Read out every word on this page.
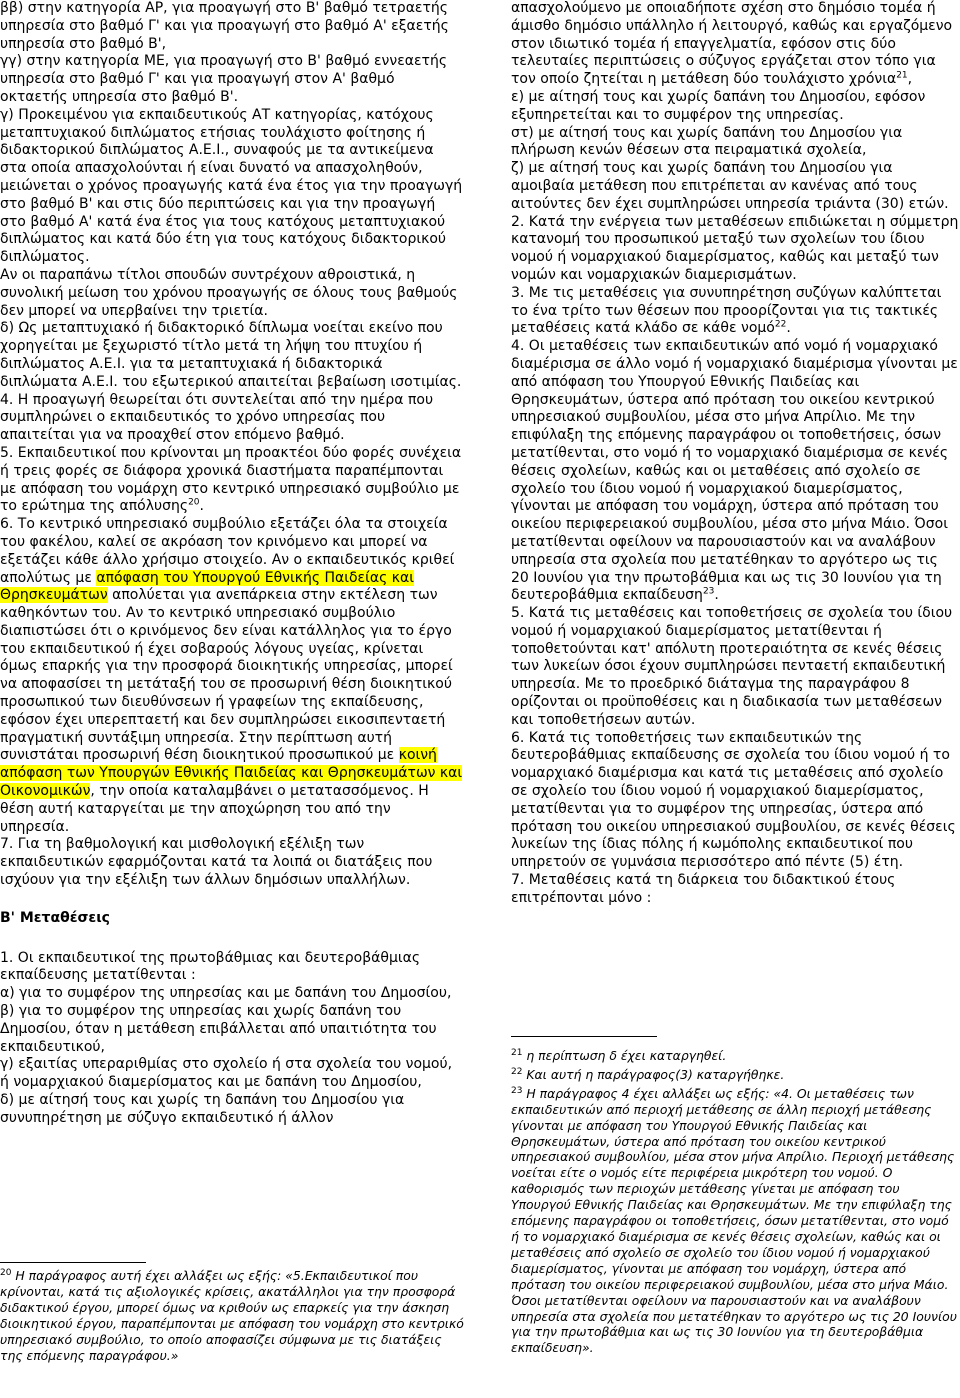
ββ) στην κατηγορία ΑΡ, για προαγωγή στο Β' βαθμό τετραετής υπηρεσία στο βαθμό Γ' και για προαγωγή στο βαθμό Α' εξαετής υπηρεσία στο βαθμό Β',

γγ) στην κατηγορία ΜΕ, για προαγωγή στο Β' βαθμό εννεαετής υπηρεσία στο βαθμό Γ' και για προαγωγή στον Α' βαθμό οκταετής υπηρεσία στο βαθμό Β'.

γ) Προκειμένου για εκπαιδευτικούς ΑΤ κατηγορίας, κατόχους μεταπτυχιακού διπλώματος ετήσιας τουλάχιστο φοίτησης ή διδακτορικού διπλώματος Α.Ε.Ι., συναφούς με τα αντικείμενα στα οποία απασχολούνται ή είναι δυνατό να απασχοληθούν, μειώνεται ο χρόνος προαγωγής κατά ένα έτος για την προαγωγή στο βαθμό Β' και στις δύο περιπτώσεις και για την προαγωγή στο βαθμό Α' κατά ένα έτος για τους κατόχους μεταπτυχιακού διπλώματος και κατά δύο έτη για τους κατόχους διδακτορικού διπλώματος.

Αν οι παραπάνω τίτλοι σπουδών συντρέχουν αθροιστικά, η συνολική μείωση του χρόνου προαγωγής σε όλους τους βαθμούς δεν μπορεί να υπερβαίνει την τριετία.

δ) Ως μεταπτυχιακό ή διδακτορικό δίπλωμα νοείται εκείνο που χορηγείται με ξεχωριστό τίτλο μετά τη λήψη του πτυχίου ή διπλώματος Α.Ε.Ι. για τα μεταπτυχιακά ή διδακτορικά διπλώματα Α.Ε.Ι. του εξωτερικού απαιτείται βεβαίωση ισοτιμίας.

4. Η προαγωγή θεωρείται ότι συντελείται από την ημέρα που συμπληρώνει ο εκπαιδευτικός το χρόνο υπηρεσίας που απαιτείται για να προαχθεί στον επόμενο βαθμό.

5. Εκπαιδευτικοί που κρίνονται μη προακτέοι δύο φορές συνέχεια ή τρεις φορές σε διάφορα χρονικά διαστήματα παραπέμπονται με απόφαση του νομάρχη στο κεντρικό υπηρεσιακό συμβούλιο με το ερώτημα της απόλυσης$^{20}$.

6. Το κεντρικό υπηρεσιακό συμβούλιο εξετάζει όλα τα στοιχεία του φακέλου, καλεί σε ακρόαση τον κρινόμενο και μπορεί να εξετάζει κάθε άλλο χρήσιμο στοιχείο. Αν ο εκπαιδευτικός κριθεί απολύτως με απόφαση του Υπουργού Εθνικής Παιδείας και Θρησκευμάτων απολύεται για ανεπάρκεια στην εκτέλεση των καθηκόντων του. Αν το κεντρικό υπηρεσιακό συμβούλιο διαπιστώσει ότι ο κρινόμενος δεν είναι κατάλληλος για το έργο του εκπαιδευτικού ή έχει σοβαρούς λόγους υγείας, κρίνεται όμως επαρκής για την προσφορά διοικητικής υπηρεσίας, μπορεί να αποφασίσει τη μετάταξή του σε προσωρινή θέση διοικητικού προσωπικού των διευθύνσεων ή γραφείων της εκπαίδευσης, εφόσον έχει υπερεπταετή και δεν συμπληρώσει εικοσιπενταετή πραγματική συντάξιμη υπηρεσία. Στην περίπτωση αυτή συνιστάται προσωρινή θέση διοικητικού προσωπικού με κοινή απόφαση των Υπουργών Εθνικής Παιδείας και Θρησκευμάτων και Οικονομικών, την οποία καταλαμβάνει ο μετατασσόμενος. Η θέση αυτή καταργείται με την αποχώρηση του από την υπηρεσία.

7. Για τη βαθμολογική και μισθολογική εξέλιξη των εκπαιδευτικών εφαρμόζονται κατά τα λοιπά οι διατάξεις που ισχύουν για την εξέλιξη των άλλων δημόσιων υπαλλήλων.

Β' Μεταθέσεις

1. Οι εκπαιδευτικοί της πρωτοβάθμιας και δευτεροβάθμιας εκπαίδευσης μετατίθενται :

α) για το συμφέρον της υπηρεσίας και με δαπάνη του Δημοσίου,

β) για το συμφέρον της υπηρεσίας και χωρίς δαπάνη του Δημοσίου, όταν η μετάθεση επιβάλλεται από υπαιτιότητα του εκπαιδευτικού,

γ) εξαιτίας υπεραριθμίας στο σχολείο ή στα σχολεία του νομού, ή νομαρχιακού διαμερίσματος και με δαπάνη του Δημοσίου,

δ) με αίτησή τους και χωρίς τη δαπάνη του Δημοσίου για συνυπηρέτηση με σύζυγο εκπαιδευτικό ή άλλον

$^{20}$ Η παράγραφος αυτή έχει αλλάξει ως εξής: «5.Εκπαιδευτικοί που κρίνονται, κατά τις αξιολογικές κρίσεις, ακατάλληλοι για την προσφορά διδακτικού έργου, μπορεί όμως να κριθούν ως επαρκείς για την άσκηση διοικητικού έργου, παραπέμπονται με απόφαση του νομάρχη στο κεντρικό υπηρεσιακό συμβούλιο, το οποίο αποφασίζει σύμφωνα με τις διατάξεις της επόμενης παραγράφου.»

απασχολούμενο με οποιαδήποτε σχέση στο δημόσιο τομέα ή άμισθο δημόσιο υπάλληλο ή λειτουργό, καθώς και εργαζόμενο στον ιδιωτικό τομέα ή επαγγελματία, εφόσον στις δύο τελευταίες περιπτώσεις ο σύζυγος εργάζεται στον τόπο για τον οποίο ζητείται η μετάθεση δύο τουλάχιστο χρόνια$^{21}$,

ε) με αίτησή τους και χωρίς δαπάνη του Δημοσίου, εφόσον εξυπηρετείται και το συμφέρον της υπηρεσίας.

στ) με αίτησή τους και χωρίς δαπάνη του Δημοσίου για πλήρωση κενών θέσεων στα πειραματικά σχολεία,

ζ) με αίτησή τους και χωρίς δαπάνη του Δημοσίου για αμοιβαία μετάθεση που επιτρέπεται αν κανένας από τους αιτούντες δεν έχει συμπληρώσει υπηρεσία τριάντα (30) ετών.

2. Κατά την ενέργεια των μεταθέσεων επιδιώκεται η σύμμετρη κατανομή του προσωπικού μεταξύ των σχολείων του ίδιου νομού ή νομαρχιακού διαμερίσματος, καθώς και μεταξύ των νομών και νομαρχιακών διαμερισμάτων.

3. Με τις μεταθέσεις για συνυπηρέτηση συζύγων καλύπτεται το ένα τρίτο των θέσεων που προορίζονται για τις τακτικές μεταθέσεις κατά κλάδο σε κάθε νομό$^{22}$.

4. Οι μεταθέσεις των εκπαιδευτικών από νομό ή νομαρχιακό διαμέρισμα σε άλλο νομό ή νομαρχιακό διαμέρισμα γίνονται με από απόφαση του Υπουργού Εθνικής Παιδείας και Θρησκευμάτων, ύστερα από πρόταση του οικείου κεντρικού υπηρεσιακού συμβουλίου, μέσα στο μήνα Απρίλιο. Με την επιφύλαξη της επόμενης παραγράφου οι τοποθετήσεις, όσων μετατίθενται, στο νομό ή το νομαρχιακό διαμέρισμα σε κενές θέσεις σχολείων, καθώς και οι μεταθέσεις από σχολείο σε σχολείο του ίδιου νομού ή νομαρχιακού διαμερίσματος, γίνονται με απόφαση του νομάρχη, ύστερα από πρόταση του οικείου περιφερειακού συμβουλίου, μέσα στο μήνα Μάιο. Όσοι μετατίθενται οφείλουν να παρουσιαστούν και να αναλάβουν υπηρεσία στα σχολεία που μετατέθηκαν το αργότερο ως τις 20 Ιουνίου για την πρωτοβάθμια και ως τις 30 Ιουνίου για τη δευτεροβάθμια εκπαίδευση$^{23}$.

5. Κατά τις μεταθέσεις και τοποθετήσεις σε σχολεία του ίδιου νομού ή νομαρχιακού διαμερίσματος μετατίθενται ή τοποθετούνται κατ' απόλυτη προτεραιότητα σε κενές θέσεις των λυκείων όσοι έχουν συμπληρώσει πενταετή εκπαιδευτική υπηρεσία. Με το προεδρικό διάταγμα της παραγράφου 8 ορίζονται οι προϋποθέσεις και η διαδικασία των μεταθέσεων και τοποθετήσεων αυτών.

6. Κατά τις τοποθετήσεις των εκπαιδευτικών της δευτεροβάθμιας εκπαίδευσης σε σχολεία του ίδιου νομού ή το νομαρχιακό διαμέρισμα και κατά τις μεταθέσεις από σχολείο σε σχολείο του ίδιου νομού ή νομαρχιακού διαμερίσματος, μετατίθενται για το συμφέρον της υπηρεσίας, ύστερα από πρόταση του οικείου υπηρεσιακού συμβουλίου, σε κενές θέσεις λυκείων της ίδιας πόλης ή κωμόπολης εκπαιδευτικοί που υπηρετούν σε γυμνάσια περισσότερο από πέντε (5) έτη.

7. Μεταθέσεις κατά τη διάρκεια του διδακτικού έτους επιτρέπονται μόνο :

$^{21}$ η περίπτωση δ έχει καταργηθεί.

$^{22}$ Και αυτή η παράγραφος(3) καταργήθηκε.

$^{23}$ Η παράγραφος 4 έχει αλλάξει ως εξής: «4. Οι μεταθέσεις των εκπαιδευτικών από περιοχή μετάθεσης σε άλλη περιοχή μετάθεσης γίνονται με απόφαση του Υπουργού Εθνικής Παιδείας και Θρησκευμάτων, ύστερα από πρόταση του οικείου κεντρικού υπηρεσιακού συμβουλίου, μέσα στον μήνα Απρίλιο. Περιοχή μετάθεσης νοείται είτε ο νομός είτε περιφέρεια μικρότερη του νομού. Ο καθορισμός των περιοχών μετάθεσης γίνεται με απόφαση του Υπουργού Εθνικής Παιδείας και Θρησκευμάτων. Με την επιφύλαξη της επόμενης παραγράφου οι τοποθετήσεις, όσων μετατίθενται, στο νομό ή το νομαρχιακό διαμέρισμα σε κενές θέσεις σχολείων, καθώς και οι μεταθέσεις από σχολείο σε σχολείο του ίδιου νομού ή νομαρχιακού διαμερίσματος, γίνονται με απόφαση του νομάρχη, ύστερα από πρόταση του οικείου περιφερειακού συμβουλίου, μέσα στο μήνα Μάιο. Όσοι μετατίθενται οφείλουν να παρουσιαστούν και να αναλάβουν υπηρεσία στα σχολεία που μετατέθηκαν το αργότερο ως τις 20 Ιουνίου για την πρωτοβάθμια και ως τις 30 Ιουνίου για τη δευτεροβάθμια εκπαίδευση».
